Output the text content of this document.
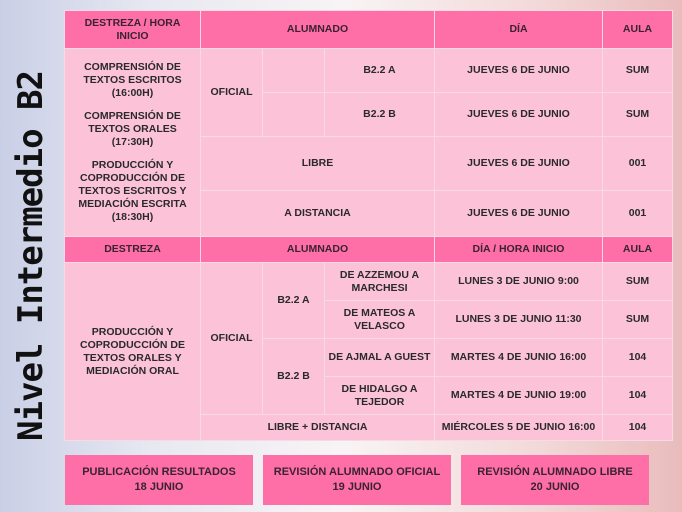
Nivel Intermedio B2
DESTREZA / HORA INICIO	ALUMNADO			DÍA	AULA

COMPRENSIÓN DE TEXTOS ESCRITOS (16:00H)
COMPRENSIÓN DE TEXTOS ORALES (17:30H)
PRODUCCIÓN Y COPRODUCCIÓN DE TEXTOS ESCRITOS Y MEDIACIÓN ESCRITA (18:30H)	OFICIAL		B2.2 A	JUEVES 6 DE JUNIO	SUM
			B2.2 B	JUEVES 6 DE JUNIO	SUM
	LIBRE			JUEVES 6 DE JUNIO	001
	A DISTANCIA			JUEVES 6 DE JUNIO	001
DESTREZA	ALUMNADO			DÍA / HORA INICIO	AULA
PRODUCCIÓN Y COPRODUCCIÓN DE TEXTOS ORALES Y MEDIACIÓN ORAL	OFICIAL	B2.2 A	DE AZZEMOU A MARCHESI	LUNES 3 DE JUNIO 9:00	SUM
			DE MATEOS A VELASCO	LUNES 3 DE JUNIO 11:30	SUM
		B2.2 B	DE AJMAL A GUEST	MARTES 4 DE JUNIO 16:00	104
			DE HIDALGO A TEJEDOR	MARTES 4 DE JUNIO 19:00	104
	LIBRE + DISTANCIA			MIÉRCOLES 5 DE JUNIO 16:00	104
PUBLICACIÓN RESULTADOS
18 JUNIO
REVISIÓN ALUMNADO OFICIAL
19 JUNIO
REVISIÓN ALUMNADO LIBRE
20 JUNIO
